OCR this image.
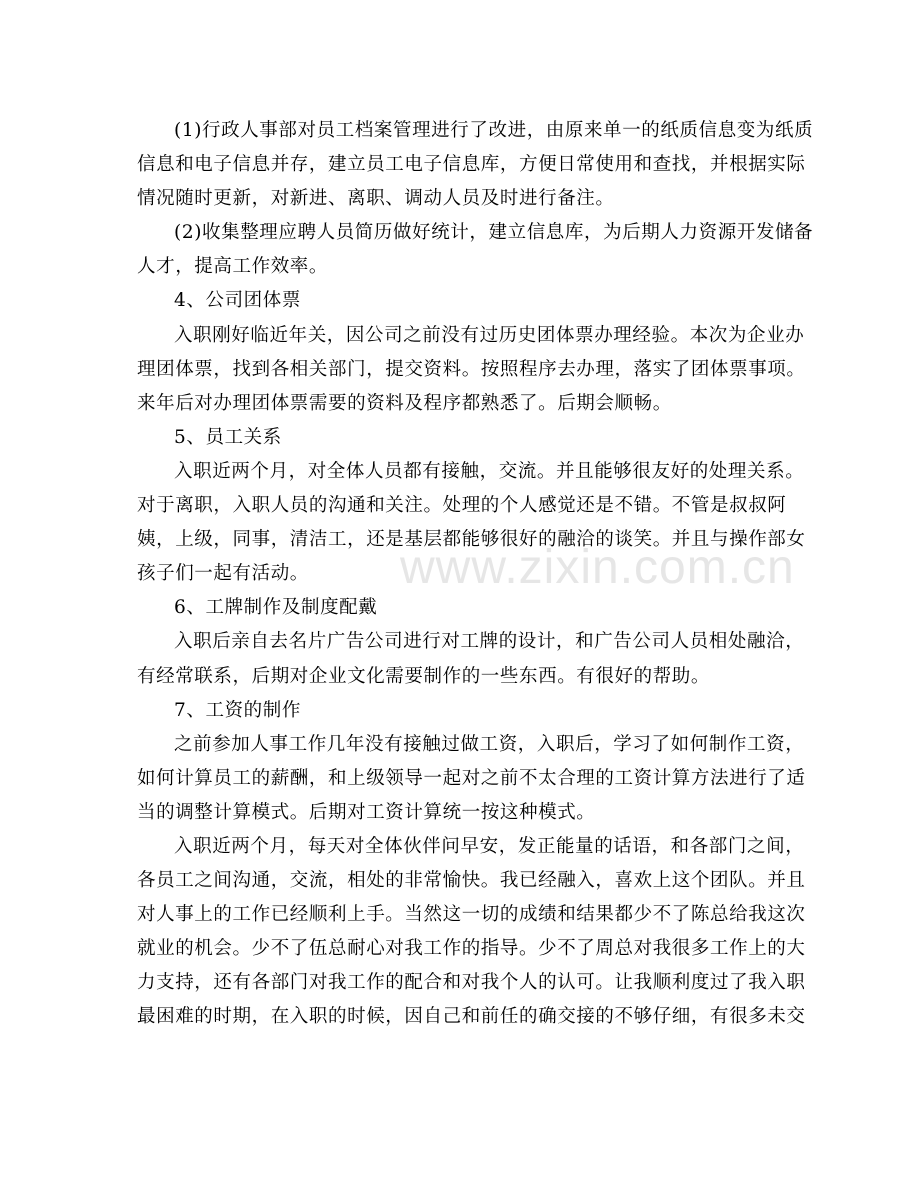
www.zixin.com.cn
(1)行政人事部对员工档案管理进行了改进，由原来单一的纸质信息变为纸质
信息和电子信息并存，建立员工电子信息库，方便日常使用和查找，并根据实际
情况随时更新，对新进、离职、调动人员及时进行备注。
(2)收集整理应聘人员简历做好统计，建立信息库，为后期人力资源开发储备
人才，提高工作效率。
4、公司团体票
入职刚好临近年关，因公司之前没有过历史团体票办理经验。本次为企业办
理团体票，找到各相关部门，提交资料。按照程序去办理，落实了团体票事项。
来年后对办理团体票需要的资料及程序都熟悉了。后期会顺畅。
5、员工关系
入职近两个月，对全体人员都有接触，交流。并且能够很友好的处理关系。
对于离职，入职人员的沟通和关注。处理的个人感觉还是不错。不管是叔叔阿
姨，上级，同事，清洁工，还是基层都能够很好的融洽的谈笑。并且与操作部女
孩子们一起有活动。
6、工牌制作及制度配戴
入职后亲自去名片广告公司进行对工牌的设计，和广告公司人员相处融洽，
有经常联系，后期对企业文化需要制作的一些东西。有很好的帮助。
7、工资的制作
之前参加人事工作几年没有接触过做工资，入职后，学习了如何制作工资，
如何计算员工的薪酬，和上级领导一起对之前不太合理的工资计算方法进行了适
当的调整计算模式。后期对工资计算统一按这种模式。
入职近两个月，每天对全体伙伴问早安，发正能量的话语，和各部门之间，
各员工之间沟通，交流，相处的非常愉快。我已经融入，喜欢上这个团队。并且
对人事上的工作已经顺利上手。当然这一切的成绩和结果都少不了陈总给我这次
就业的机会。少不了伍总耐心对我工作的指导。少不了周总对我很多工作上的大
力支持，还有各部门对我工作的配合和对我个人的认可。让我顺利度过了我入职
最困难的时期，在入职的时候，因自己和前任的确交接的不够仔细，有很多未交
